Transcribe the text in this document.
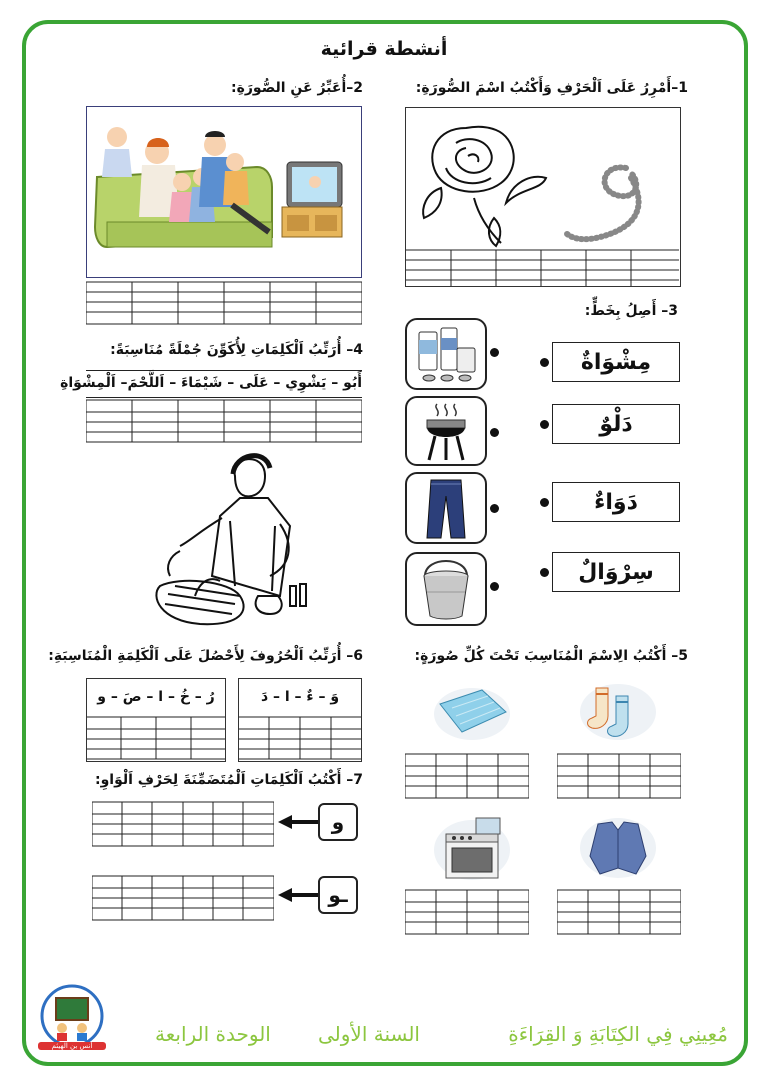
أنشطة قرائية
1–أَمْرِرُ عَلَى اَلْحَرْفِ وَأَكْتُبُ اسْمَ الصُّورَةِ:
2–أُعَبِّرُ عَنِ الصُّورَةِ:
3– أَصِلُ بِخَطٍّ:
مِشْوَاةٌ
دَلْوٌ
دَوَاءٌ
سِرْوَالٌ
4– أُرَتِّبُ اَلْكَلِمَاتِ لِأُكَوِّنَ جُمْلَةً مُنَاسِبَةً:
أَبُو – يَشْوِي – عَلَى – شَيْمَاءَ – اَللَّحْمَ– اَلْمِشْوَاةِ
5– أَكْتُبُ الِاسْمَ الْمُنَاسِبَ تَحْتَ كُلِّ صُورَةٍ:
6– أُرَتِّبُ اَلْحُرُوفَ لِأَحْصُلَ عَلَى اَلْكَلِمَةِ الْمُنَاسِبَةِ:
وَ – ءٌ – ا – دَ
رُ – خُ – ا – صَ – و
7– أَكْتُبُ اَلْكَلِمَاتِ اَلْمُتَضَمِّنَةَ لِحَرْفِ اَلْوَاوِ:
و
ـو
أنس بن الهيثم	مُعِينِي فِي الكِتَابَةِ وَ القِرَاءَةِ
السنة الأولى
الوحدة الرابعة
